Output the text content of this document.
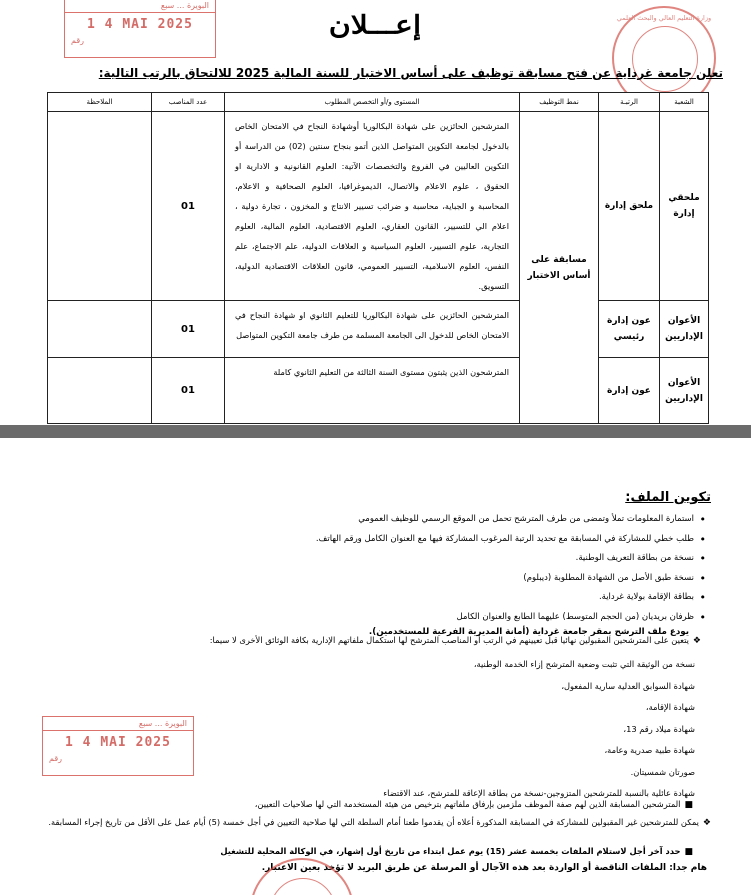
البويرة ... سبع
1 4 MAI 2025
رقم
وزارة التعليم العالي والبحث العلمي
إعـــلان
تعلن جامعة غرداية عن فتح مسابقة توظيف على أساس الاختبار للسنة المالية 2025 للالتحاق بالرتب التالية:
الشعبة	الرتبـة	نمط التوظيف	المستوى و/أو التخصص المطلوب	عدد المناصب	الملاحظة
ملحقي إدارة	ملحق إدارة	مسابقة على أساس الاختبار	المترشحين الحائزين على شهادة البكالوريا أوشهادة النجاح في الامتحان الخاص بالدخول لجامعة التكوين المتواصل الذين أتمو بنجاح سنتين (02) من الدراسة أو التكوين العاليين في الفروع والتخصصات الآتية: العلوم القانونية و الادارية او الحقوق ، علوم الاعلام والاتصال، الديموغرافيا، العلوم الصحافية و الاعلام، المحاسبة و الجباية، محاسبة و ضرائب تسيير الانتاج و المخزون ، تجارة دولية ، اعلام الي للتسيير، القانون العقاري، العلوم الاقتصادية، العلوم المالية، العلوم التجارية، علوم التسيير، العلوم السياسية و العلاقات الدولية، علم الاجتماع، علم النفس، العلوم الاسلامية، التسيير العمومي، قانون العلاقات الاقتصادية الدولية، التسويق.	01	
الأعوان الإداريين	عون إدارة رئيسي		المترشحين الحائزين على شهادة البكالوريا للتعليم الثانوي او شهادة النجاح في الامتحان الخاص للدخول الى الجامعة المسلمة من طرف جامعة التكوين المتواصل	01	
الأعوان الإداريين	عون إدارة		المترشحون الذين يثبتون مستوى السنة الثالثة من التعليم الثانوي كاملة	01	
تكوين الملف:
• استمارة المعلومات تملأ وتمضى من طرف المترشح تحمل من الموقع الرسمي للوظيف العمومي
• طلب خطي للمشاركة في المسابقة مع تحديد الرتبة المرغوب المشاركة فيها مع العنوان الكامل ورقم الهاتف.
• نسخة من بطاقة التعريف الوطنية.
• نسخة طبق الأصل من الشهادة المطلوبة (ديبلوم)
• بطاقة الإقامة بولاية غرداية.
• ظرفان بريديان (من الحجم المتوسط) عليهما الطابع والعنوان الكامل
يودع ملف الترشح بمقر جامعة غرداية (أمانة المديرية الفرعية للمستخدمين).
❖يتعين على المترشحين المقبولين نهائيا قبل تعيينهم في الرتب أو المناصب المترشح لها استكمال ملفاتهم الإدارية بكافة الوثائق الأخرى لا سيما:
نسخة من الوثيقة التي تثبت وضعية المترشح إزاء الخدمة الوطنية،
شهادة السوابق العدلية سارية المفعول،
شهادة الإقامة،
شهادة ميلاد رقم 13،
شهادة طبية صدرية وعامة،
صورتان شمسيتان.
شهادة عائلية بالنسبة للمترشحين المتزوجين-نسخة من بطاقة الإعاقة للمترشح، عند الاقتضاء
■المترشحين المسابقة الذين لهم صفة الموظف ملزمين بإرفاق ملفاتهم بترخيص من هيئة المستخدمة التي لها صلاحيات التعيين،
❖يمكن للمترشحين غير المقبولين للمشاركة في المسابقة المذكورة أعلاه أن يقدموا طعنا أمام السلطة التي لها صلاحية التعيين في أجل خمسة (5) أيام عمل على الأقل من تاريخ إجراء المسابقة.
■حدد آخر أجل لاستلام الملفات بخمسة عشر (15) يوم عمل ابتداء من تاريخ أول إشهار، في الوكالة المحلية للتشغيل
هام جدا: الملفات الناقصة أو الواردة بعد هذه الآجال أو المرسلة عن طريق البريد لا تؤخذ بعين الاعتبار.
البويرة ... سبع
1 4 MAI 2025
رقم
